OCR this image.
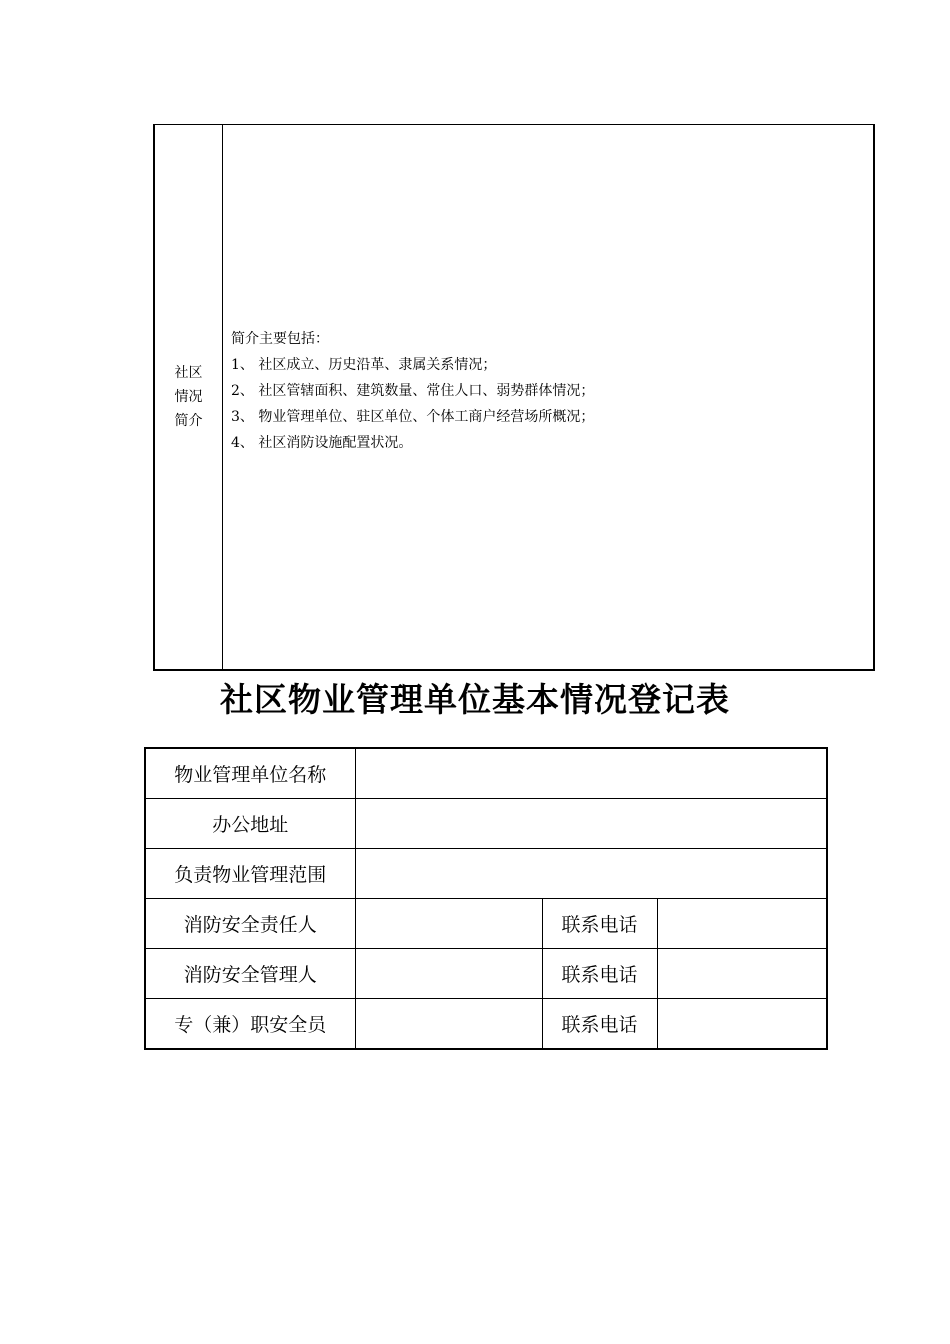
社区
情况
简介

简介主要包括：
1、 社区成立、历史沿革、隶属关系情况；
2、 社区管辖面积、建筑数量、常住人口、弱势群体情况；
3、 物业管理单位、驻区单位、个体工商户经营场所概况；
4、 社区消防设施配置状况。
社区物业管理单位基本情况登记表
物业管理单位名称			
办公地址			
负责物业管理范围			
消防安全责任人		联系电话	
消防安全管理人		联系电话	
专（兼）职安全员		联系电话	
